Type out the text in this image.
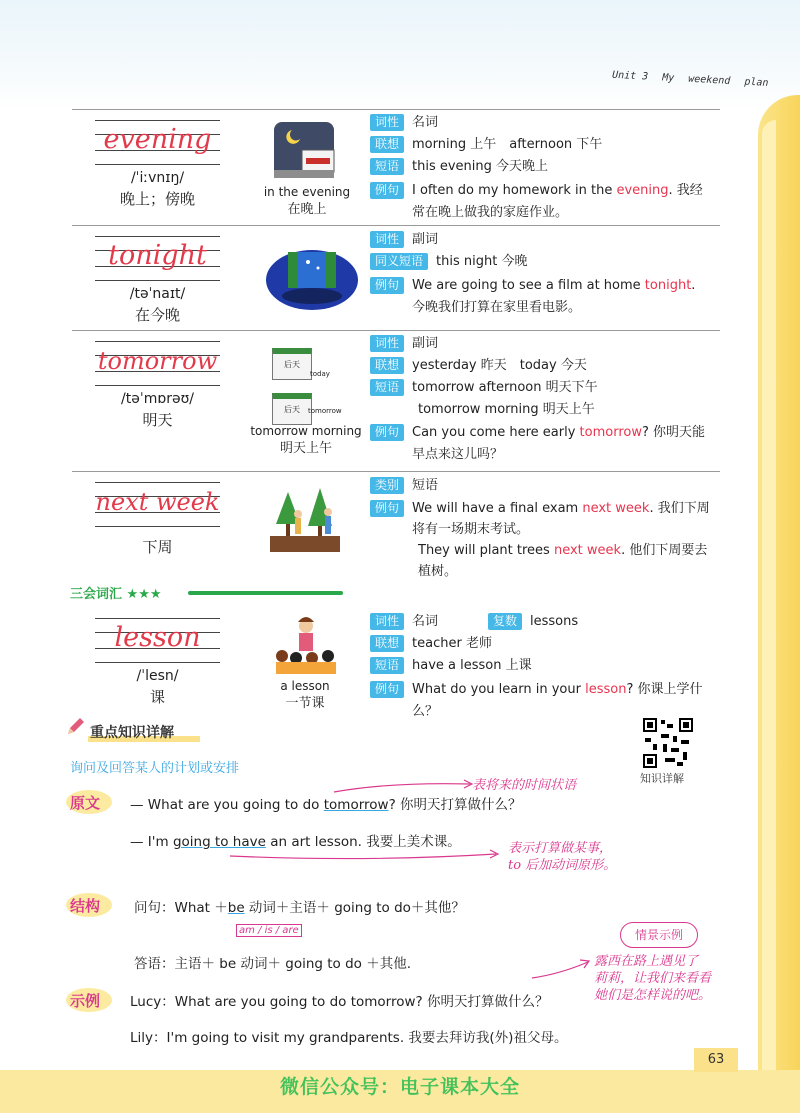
Unit 3 My weekend plan
evening
/ˈiːvnɪŋ/
晚上；傍晚	in the evening
在晚上
词性	名词
联想	morning 上午　afternoon 下午
短语	this evening 今天晚上
例句	I often do my homework in the evening. 我经常在晚上做我的家庭作业。
tonight
/təˈnaɪt/
在今晚
词性	副词
同义短语	this night 今晚
例句	We are going to see a film at home tonight. 今晚我们打算在家里看电影。
tomorrow
/təˈmɒrəʊ/
明天
后天
today
后天	tomorrow
tomorrow morning
明天上午
词性	副词
联想	yesterday 昨天　today 今天
短语	tomorrow afternoon 明天下午
tomorrow morning 明天上午
例句	Can you come here early tomorrow? 你明天能早点来这儿吗？
next week
下周
类别	短语
例句	We will have a final exam next week. 我们下周将有一场期末考试。
They will plant trees next week. 他们下周要去植树。
三会词汇 ★★★
lesson
/ˈlesn/
课
a lesson
一节课
词性	名词	复数	lessons
联想	teacher 老师
短语	have a lesson 上课
例句	What do you learn in your lesson? 你课上学什么？
重点知识详解
询问及回答某人的计划或安排
知识详解
原文 — What are you going to do tomorrow? 你明天打算做什么？
— I'm going to have an art lesson. 我要上美术课。
表将来的时间状语
表示打算做某事，
to 后加动词原形。
结构	问句：What ＋be 动词＋主语＋ going to do＋其他？
am / is / are
答语：主语＋ be 动词＋ going to do ＋其他.
情景示例
露西在路上遇见了
莉莉，让我们来看看
她们是怎样说的吧。
示例 Lucy：What are you going to do tomorrow? 你明天打算做什么？
Lily：I'm going to visit my grandparents. 我要去拜访我(外)祖父母。
63
微信公众号：电子课本大全
